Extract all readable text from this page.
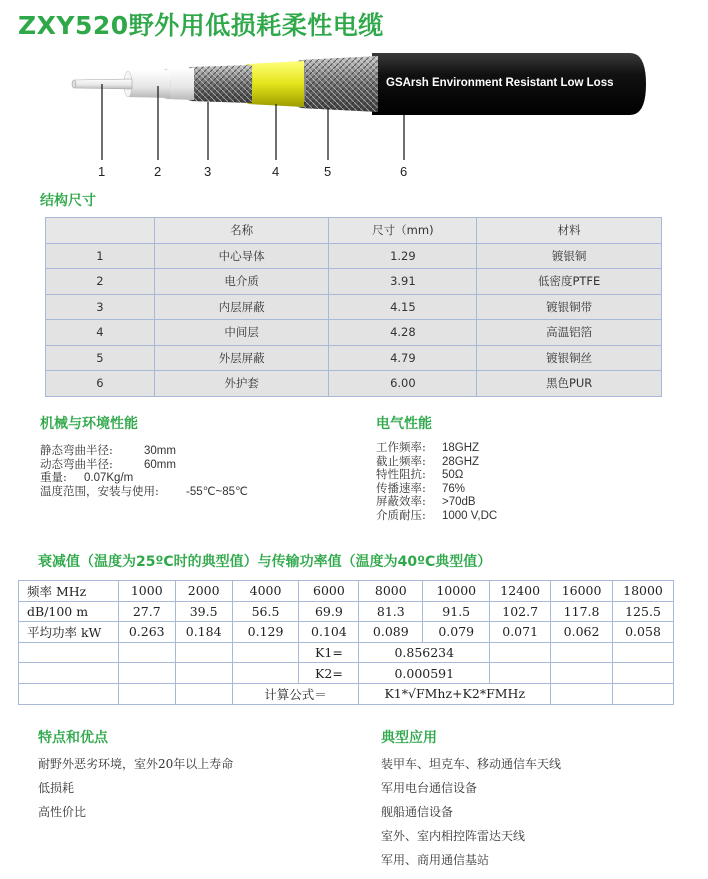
ZXY520野外用低损耗柔性电缆
GSArsh Environment Resistant Low Loss
1	2	3	4	5	6
结构尺寸
	名称	尺寸（mm)	材料
1	中心导体	1.29	镀银铜
2	电介质	3.91	低密度PTFE
3	内层屏蔽	4.15	镀银铜带
4	中间层	4.28	高温铝箔
5	外层屏蔽	4.79	镀银铜丝
6	外护套	6.00	黑色PUR
机械与环境性能
静态弯曲半径:	30mm
动态弯曲半径:	60mm
重量: 0.07Kg/m
温度范围，安装与使用: -55℃~85℃
电气性能
工作频率: 18GHZ
截止频率: 28GHZ
特性阻抗: 50Ω
传播速率: 76%
屏蔽效率: >70dB
介质耐压: 1000 V,DC
衰减值（温度为25ºC时的典型值）与传输功率值（温度为40ºC典型值）
频率 MHz	1000	2000	4000	6000	8000	10000	12400	16000	18000
dB/100 m	27.7	39.5	56.5	69.9	81.3	91.5	102.7	117.8	125.5
平均功率 kW	0.263	0.184	0.129	0.104	0.089	0.079	0.071	0.062	0.058
				K1=	0.856234				
				K2=	0.000591				
			计算公式＝		K1*√FMhz+K2*FMHz				
特点和优点
耐野外恶劣环境，室外20年以上寿命
低损耗
高性价比
典型应用
装甲车、坦克车、移动通信车天线
军用电台通信设备
舰船通信设备
室外、室内相控阵雷达天线
军用、商用通信基站
